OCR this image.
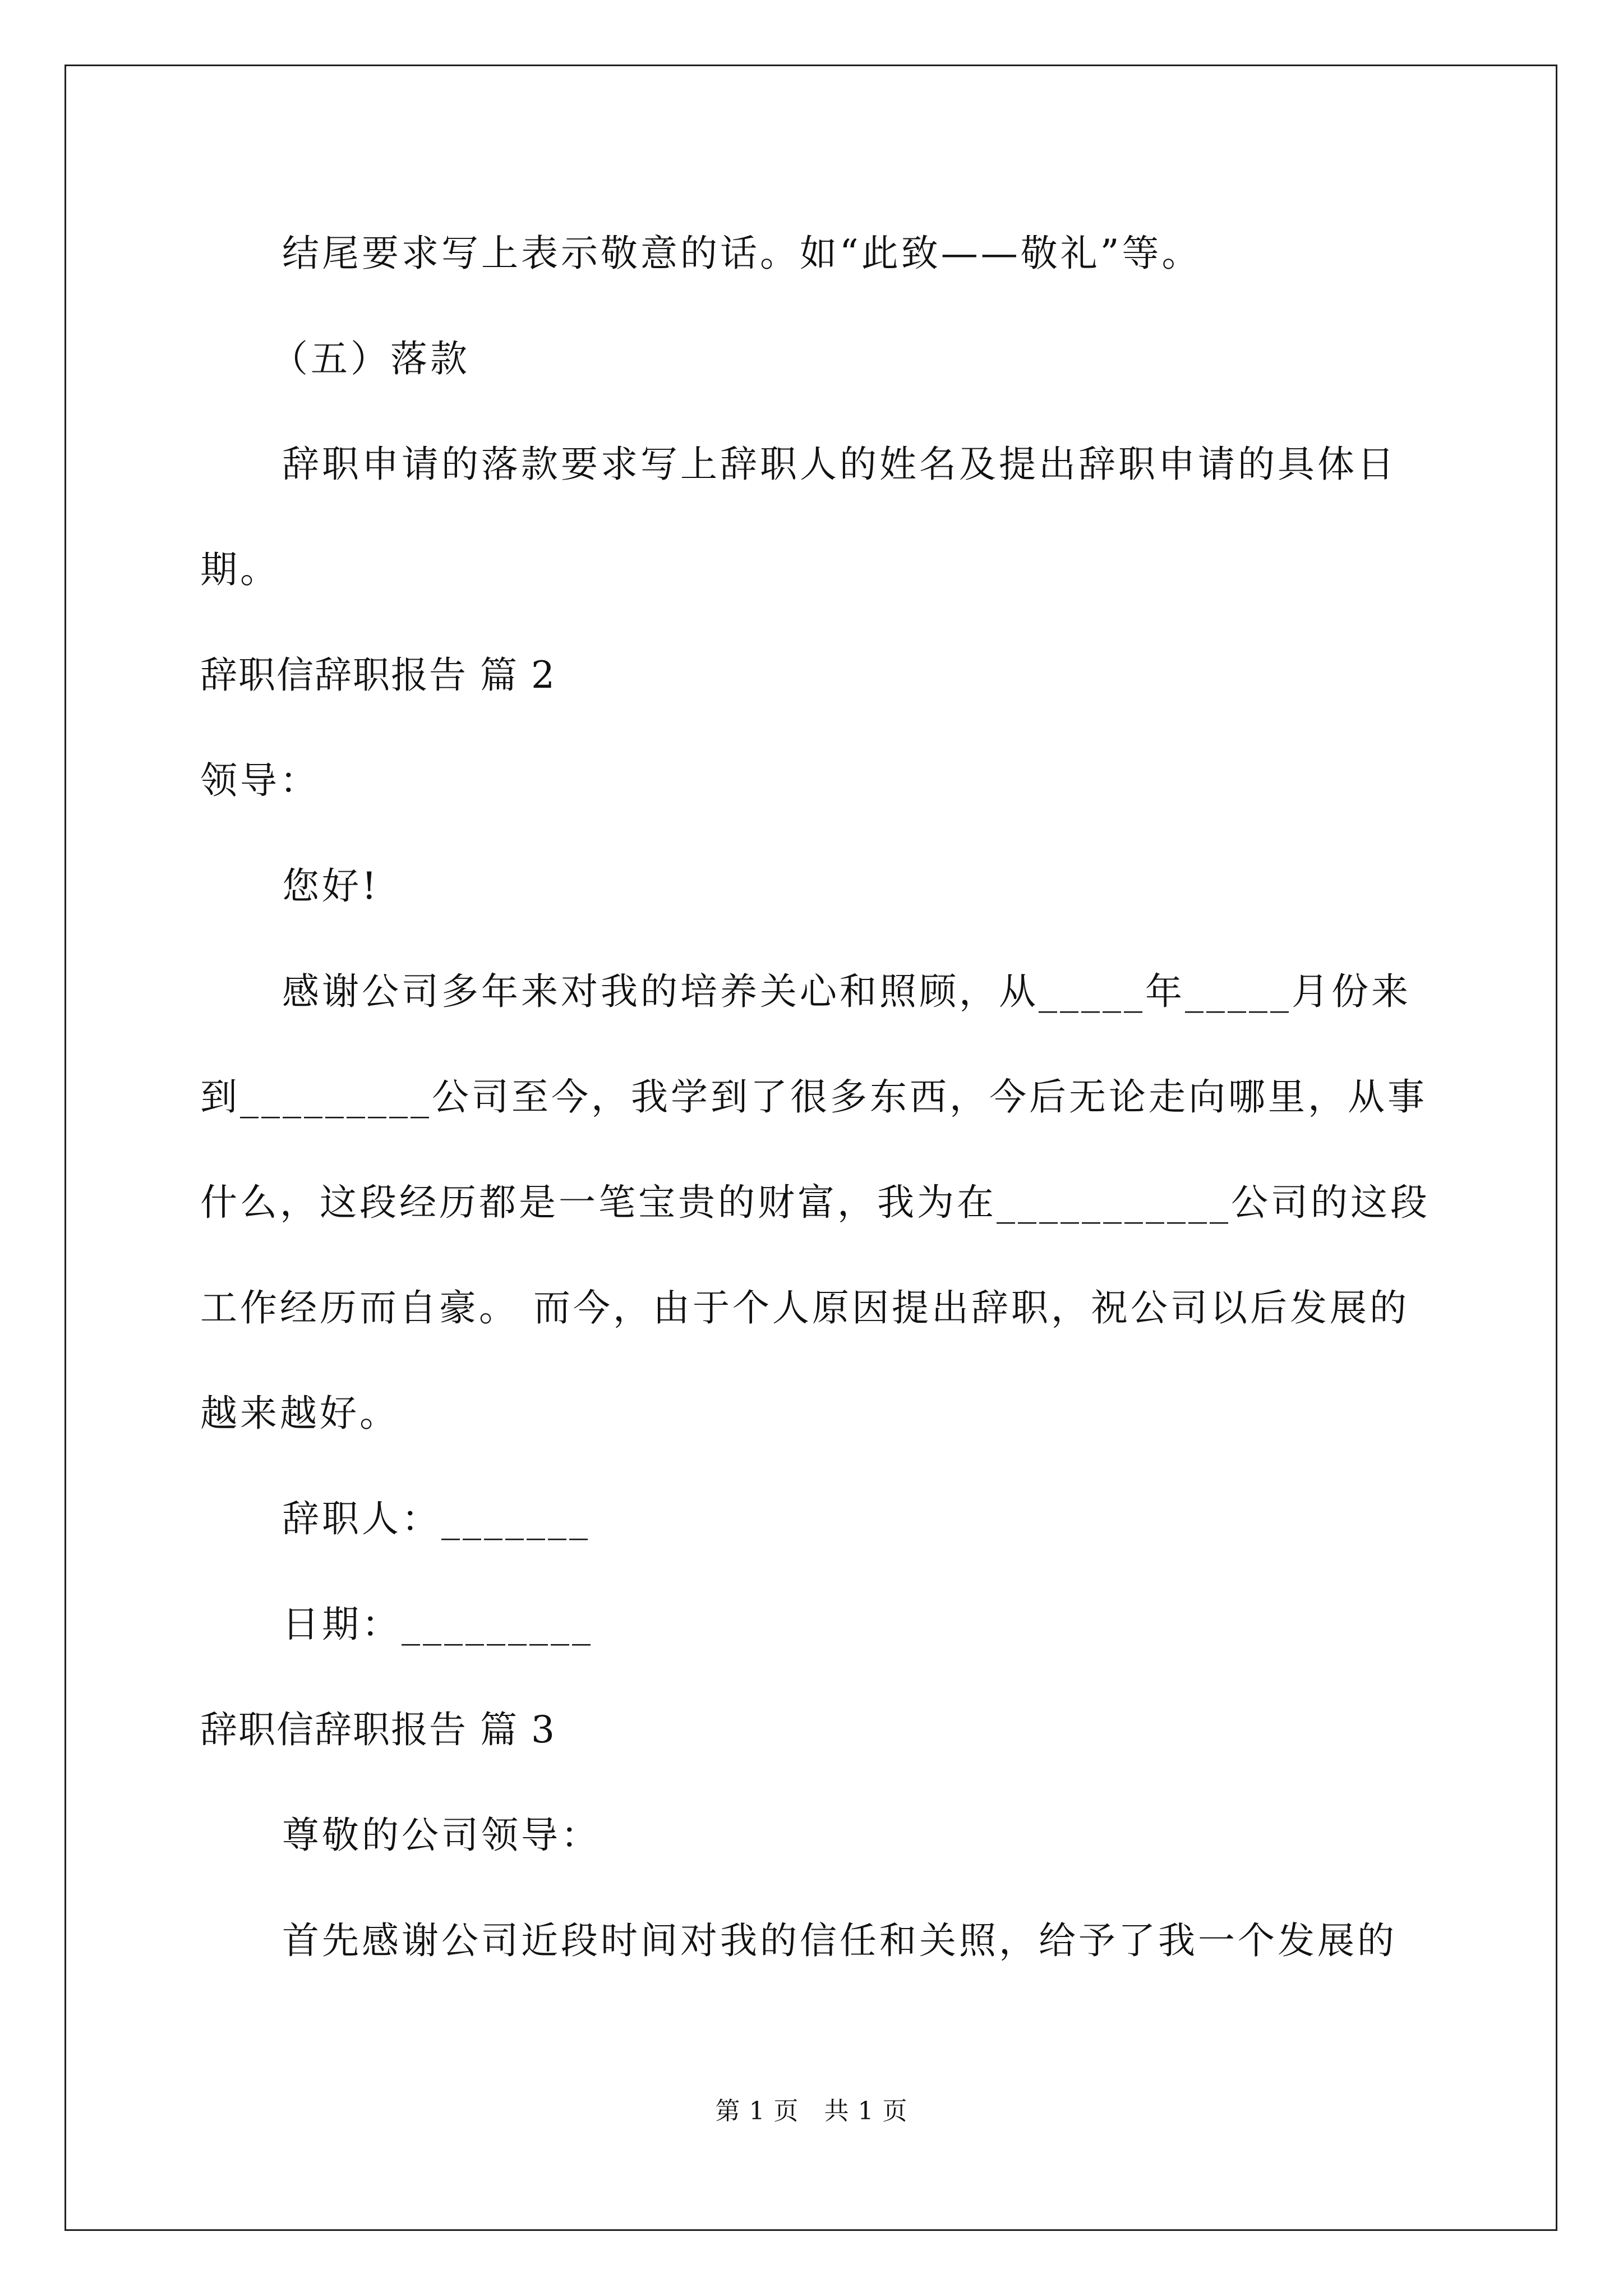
结尾要求写上表示敬意的话。如“此致——敬礼”等。
（五）落款
辞职申请的落款要求写上辞职人的姓名及提出辞职申请的具体日
期。
辞职信辞职报告 篇 2
领导：
您好!
感谢公司多年来对我的培养关心和照顾，从_____年_____月份来
到_________公司至今，我学到了很多东西，今后无论走向哪里，从事
什么，这段经历都是一笔宝贵的财富，我为在___________公司的这段
工作经历而自豪。 而今，由于个人原因提出辞职，祝公司以后发展的
越来越好。
辞职人：_______
日期：_________
辞职信辞职报告 篇 3
尊敬的公司领导：
首先感谢公司近段时间对我的信任和关照，给予了我一个发展的
第 1 页　共 1 页
